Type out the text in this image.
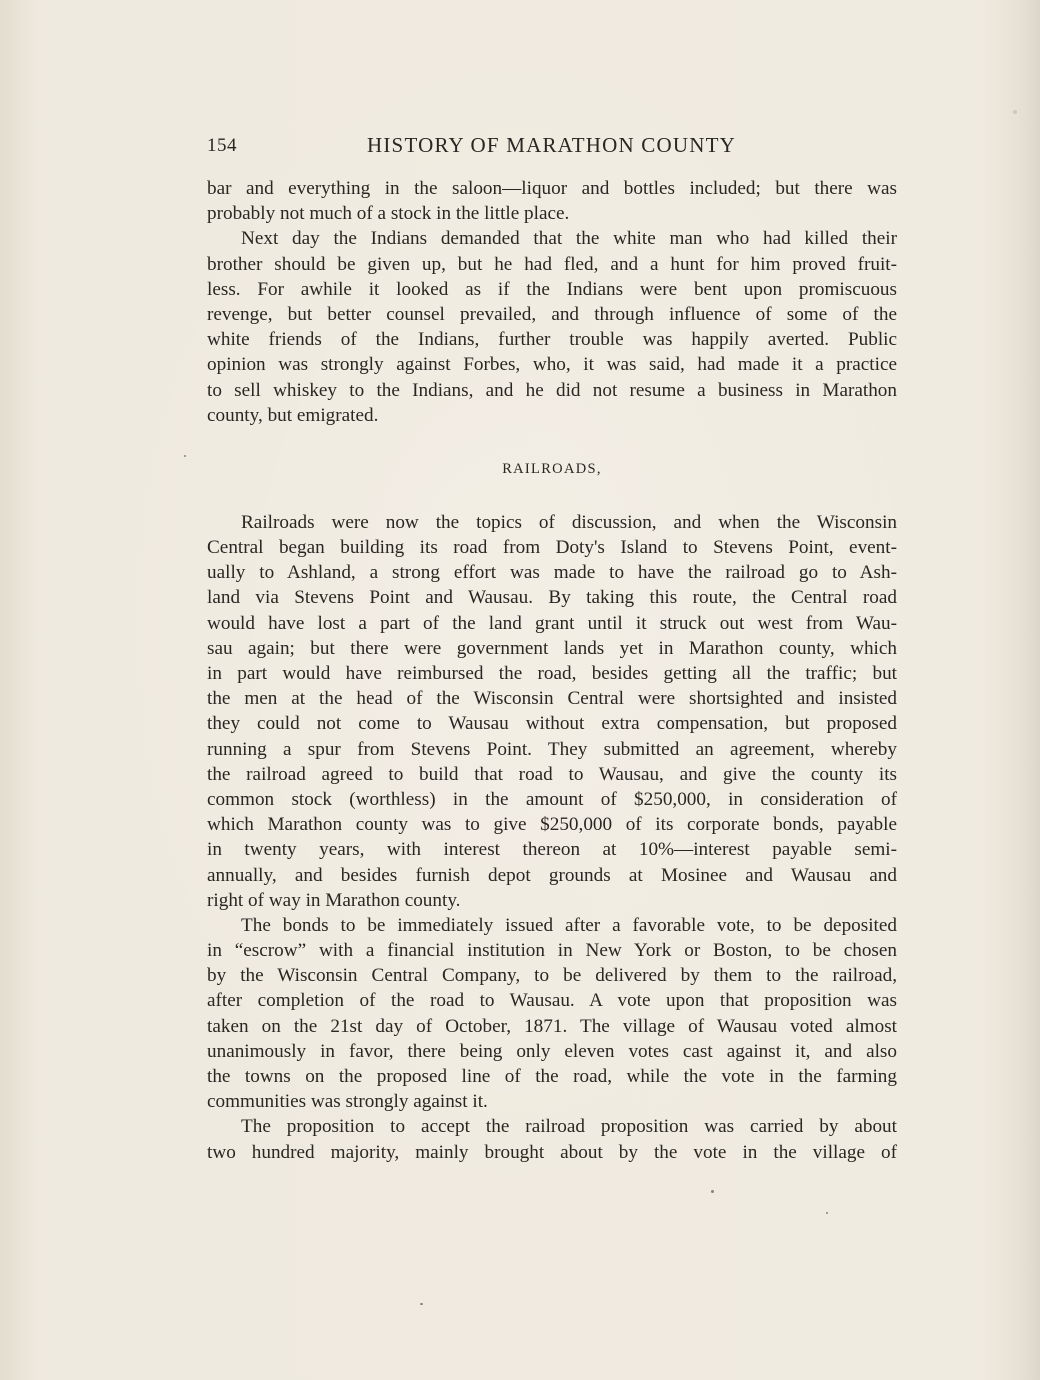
154	HISTORY OF MARATHON COUNTY
bar and everything in the saloon—liquor and bottles included; but there was
probably not much of a stock in the little place.
Next day the Indians demanded that the white man who had killed their
brother should be given up, but he had fled, and a hunt for him proved fruit-
less. For awhile it looked as if the Indians were bent upon promiscuous
revenge, but better counsel prevailed, and through influence of some of the
white friends of the Indians, further trouble was happily averted. Public
opinion was strongly against Forbes, who, it was said, had made it a practice
to sell whiskey to the Indians, and he did not resume a business in Marathon
county, but emigrated.
RAILROADS,
Railroads were now the topics of discussion, and when the Wisconsin
Central began building its road from Doty's Island to Stevens Point, event-
ually to Ashland, a strong effort was made to have the railroad go to Ash-
land via Stevens Point and Wausau. By taking this route, the Central road
would have lost a part of the land grant until it struck out west from Wau-
sau again; but there were government lands yet in Marathon county, which
in part would have reimbursed the road, besides getting all the traffic; but
the men at the head of the Wisconsin Central were shortsighted and insisted
they could not come to Wausau without extra compensation, but proposed
running a spur from Stevens Point. They submitted an agreement, whereby
the railroad agreed to build that road to Wausau, and give the county its
common stock (worthless) in the amount of $250,000, in consideration of
which Marathon county was to give $250,000 of its corporate bonds, payable
in twenty years, with interest thereon at 10%—interest payable semi-
annually, and besides furnish depot grounds at Mosinee and Wausau and
right of way in Marathon county.
The bonds to be immediately issued after a favorable vote, to be deposited
in “escrow” with a financial institution in New York or Boston, to be chosen
by the Wisconsin Central Company, to be delivered by them to the railroad,
after completion of the road to Wausau. A vote upon that proposition was
taken on the 21st day of October, 1871. The village of Wausau voted almost
unanimously in favor, there being only eleven votes cast against it, and also
the towns on the proposed line of the road, while the vote in the farming
communities was strongly against it.
The proposition to accept the railroad proposition was carried by about
two hundred majority, mainly brought about by the vote in the village of
